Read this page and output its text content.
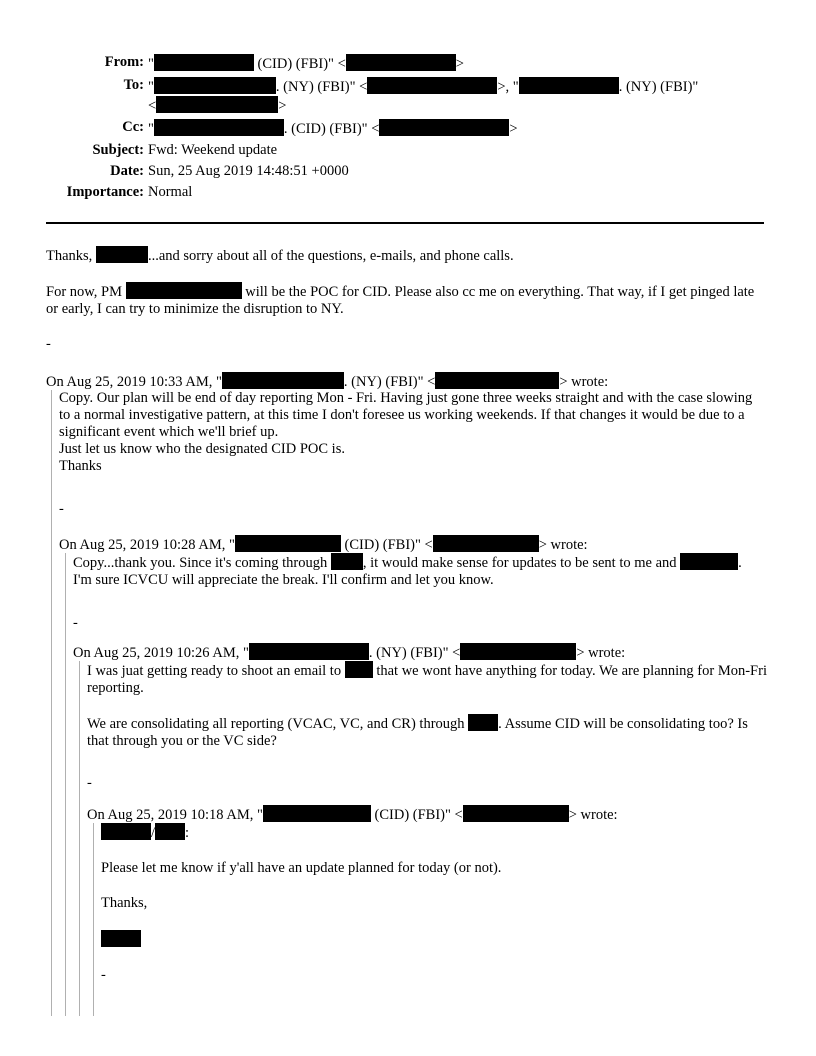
From: "	(CID) (FBI)" <	>
To: "	. (NY) (FBI)" <	>, "	. (NY) (FBI)"
<	>
Cc: "	. (CID) (FBI)" <	>
Subject: Fwd: Weekend update
Date: Sun, 25 Aug 2019 14:48:51 +0000
Importance: Normal
Thanks,	...and sorry about all of the questions, e-mails, and phone calls.
For now, PM	will be the POC for CID. Please also cc me on everything. That way, if I get pinged late or early, I can try to minimize the disruption to NY.
-
On Aug 25, 2019 10:33 AM, "	. (NY) (FBI)" <	> wrote:
Copy. Our plan will be end of day reporting Mon - Fri. Having just gone three weeks straight and with the case slowing to a normal investigative pattern, at this time I don't foresee us working weekends. If that changes it would be due to a significant event which we'll brief up.
Just let us know who the designated CID POC is.
Thanks
-
On Aug 25, 2019 10:28 AM, "	(CID) (FBI)" <	> wrote:
Copy...thank you. Since it's coming through , it would make sense for updates to be sent to me and	. I'm sure ICVCU will appreciate the break. I'll confirm and let you know.
-
On Aug 25, 2019 10:26 AM, "	. (NY) (FBI)" <	> wrote:
I was juat getting ready to shoot an email to  that we wont have anything for today. We are planning for Mon-Fri reporting.
We are consolidating all reporting (VCAC, VC, and CR) through . Assume CID will be consolidating too? Is that through you or the VC side?
-
On Aug 25, 2019 10:18 AM, "	(CID) (FBI)" <	> wrote:
/ :
Please let me know if y'all have an update planned for today (or not).
Thanks,
-
